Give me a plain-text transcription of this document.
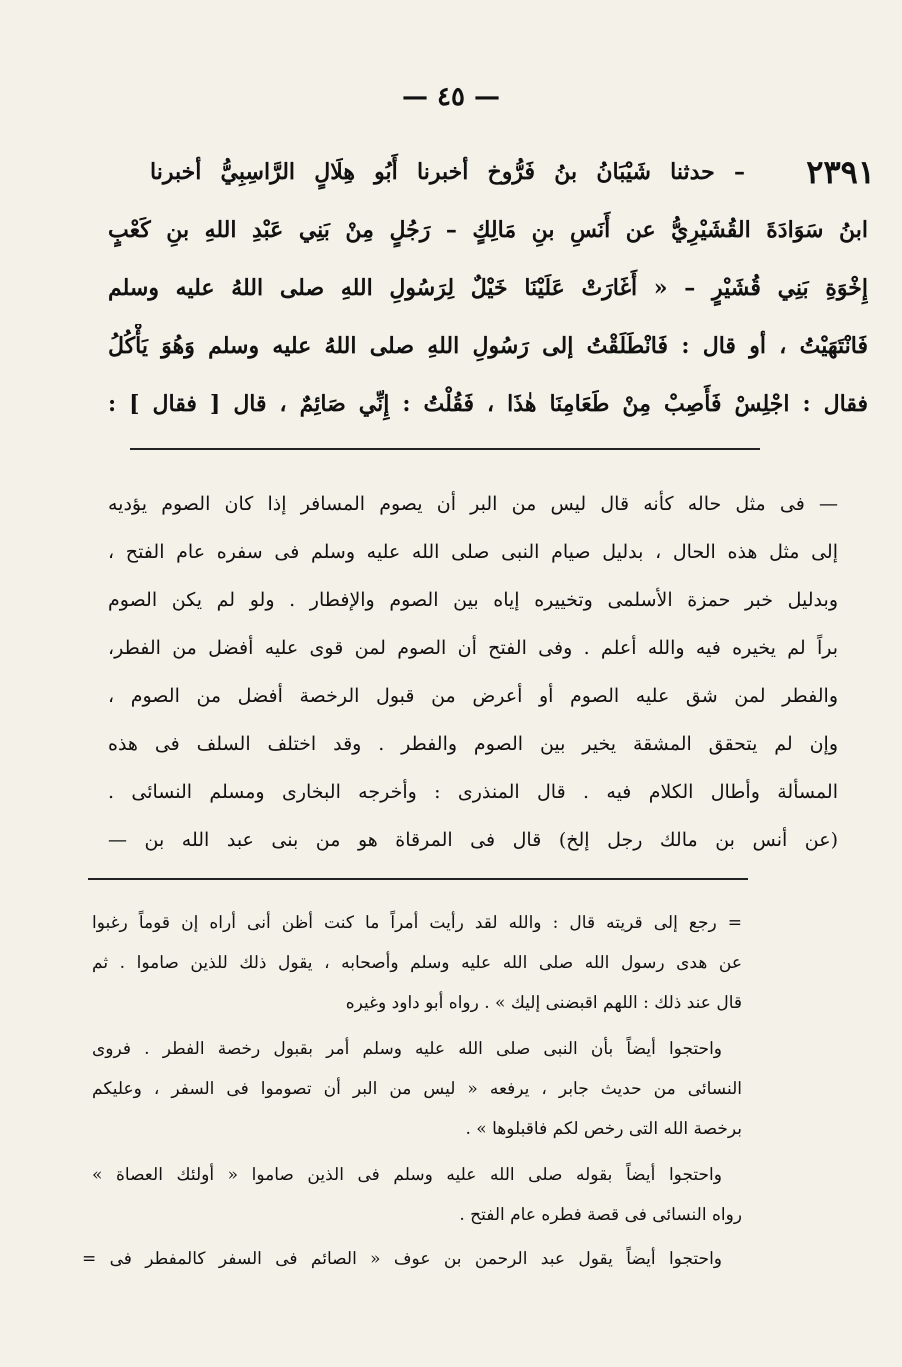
— ٤٥ —
– حدثنا شَيْبَانُ بنُ فَرُّوخ أخبرنا أَبُو هِلَالٍ الرَّاسِبِيُّ أخبرنا	٢٣٩١
ابنُ سَوَادَةَ القُشَيْرِيُّ عن أَنَسِ بنِ مَالِكٍ – رَجُلٍ مِنْ بَنِي عَبْدِ اللهِ بنِ كَعْبٍ
إِخْوَةِ بَنِي قُشَيْرٍ – « أَغَارَتْ عَلَيْنَا خَيْلٌ لِرَسُولِ اللهِ صلى اللهُ عليه وسلم
فَانْتَهَيْتُ ، أو قال : فَانْطَلَقْتُ إلى رَسُولِ اللهِ صلى اللهُ عليه وسلم وَهُوَ يَأْكُلُ
فقال : اجْلِسْ فَأَصِبْ مِنْ طَعَامِنَا هٰذَا ، فَقُلْتُ : إِنِّي صَائِمٌ ، قال [ فقال ] :
— فى مثل حاله كأنه قال ليس من البر أن يصوم المسافر إذا كان الصوم يؤديه
إلى مثل هذه الحال ، بدليل صيام النبى صلى الله عليه وسلم فى سفره عام الفتح ،
وبدليل خبر حمزة الأسلمى وتخييره إياه بين الصوم والإفطار . ولو لم يكن الصوم
براً لم يخيره فيه والله أعلم . وفى الفتح أن الصوم لمن قوى عليه أفضل من الفطر،
والفطر لمن شق عليه الصوم أو أعرض من قبول الرخصة أفضل من الصوم ،
وإن لم يتحقق المشقة يخير بين الصوم والفطر . وقد اختلف السلف فى هذه
المسألة وأطال الكلام فيه . قال المنذرى : وأخرجه البخارى ومسلم النسائى .
(عن أنس بن مالك رجل إلخ) قال فى المرقاة هو من بنى عبد الله بن —
= رجع إلى قريته قال : والله لقد رأيت أمراً ما كنت أظن أنى أراه إن قوماً رغبوا
عن هدى رسول الله صلى الله عليه وسلم وأصحابه ، يقول ذلك للذين صاموا . ثم
قال عند ذلك : اللهم اقبضنى إليك » . رواه أبو داود وغيره
واحتجوا أيضاً بأن النبى صلى الله عليه وسلم أمر بقبول رخصة الفطر . فروى
النسائى من حديث جابر ، يرفعه « ليس من البر أن تصوموا فى السفر ، وعليكم
برخصة الله التى رخص لكم فاقبلوها » .
واحتجوا أيضاً بقوله صلى الله عليه وسلم فى الذين صاموا « أولئك العصاة »
رواه النسائى فى قصة فطره عام الفتح .
واحتجوا أيضاً يقول عبد الرحمن بن عوف « الصائم فى السفر كالمفطر فى =
